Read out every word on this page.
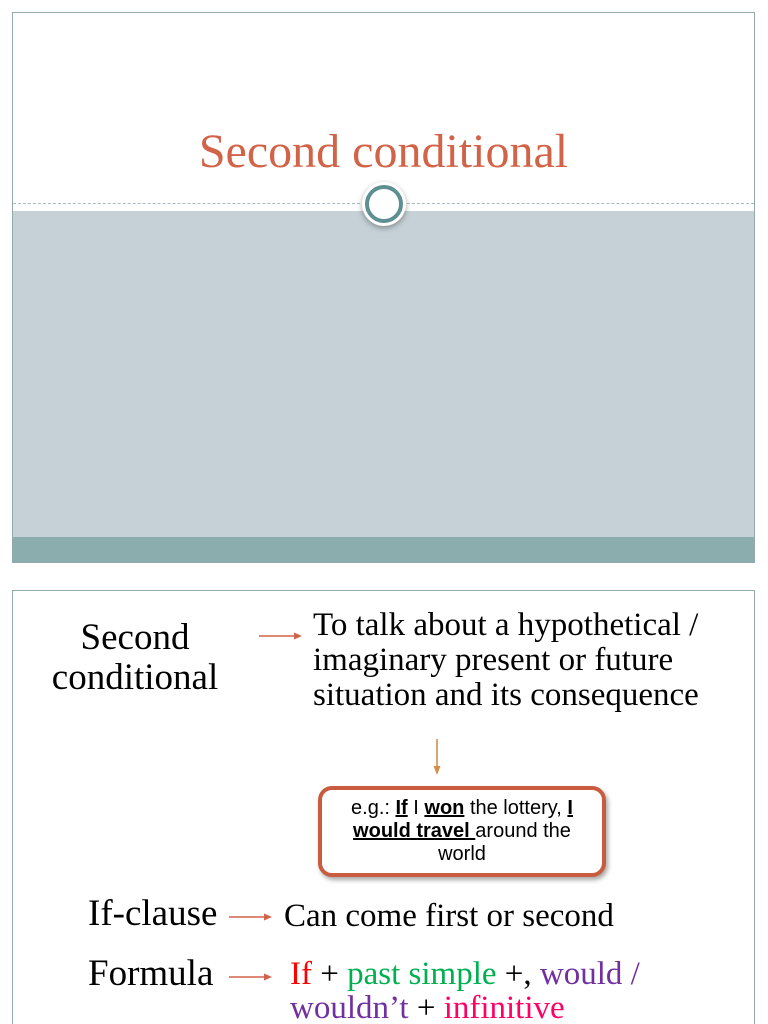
Second conditional
Second
conditional
To talk about a hypothetical /
imaginary present or future
situation and its consequence
e.g.: If I won the lottery, I
would travel around the
world
If-clause Can come first or second
Formula If + past simple +, would /
wouldn’t + infinitive
